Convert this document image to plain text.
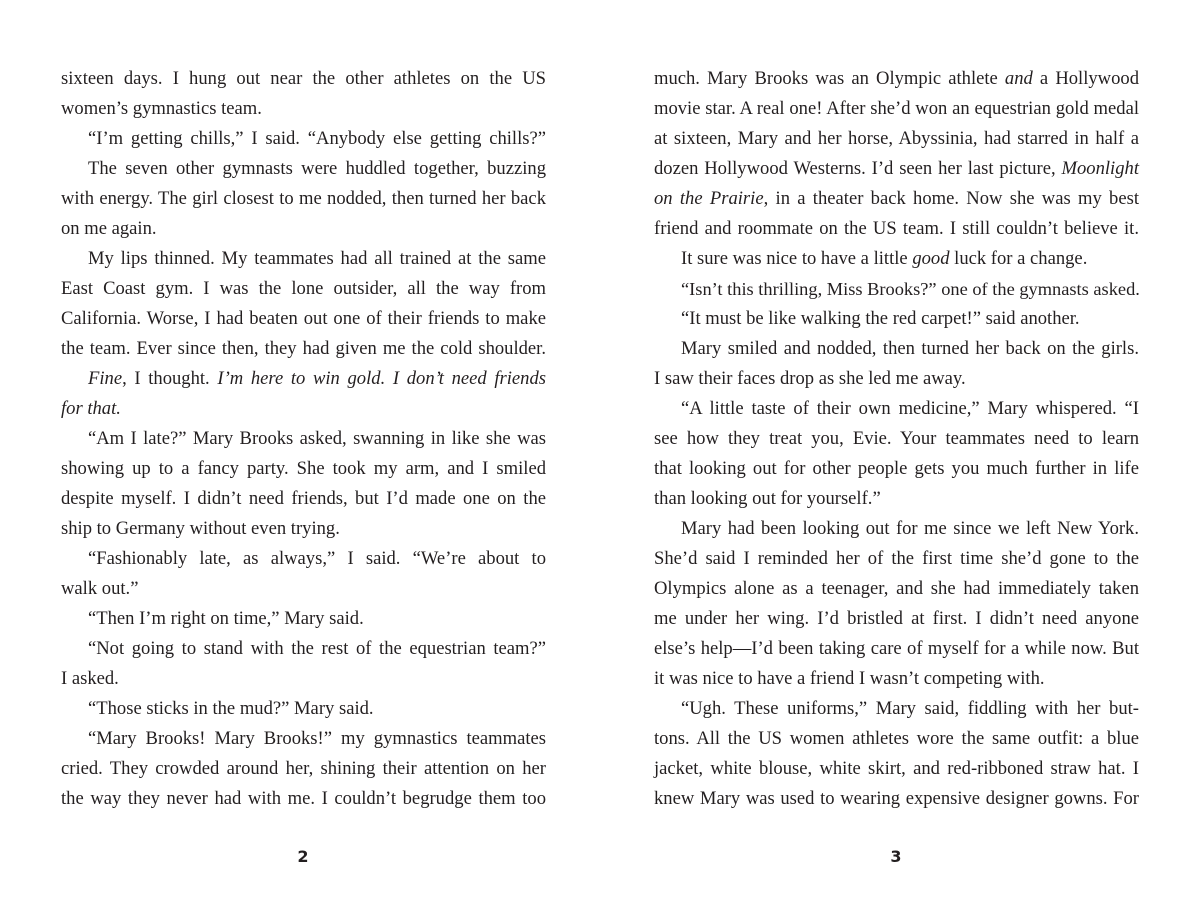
sixteen days. I hung out near the other athletes on the US
women’s gymnastics team.
“I’m getting chills,” I said. “Anybody else getting chills?”
The seven other gymnasts were huddled together, buzzing
with energy. The girl closest to me nodded, then turned her back
on me again.
My lips thinned. My teammates had all trained at the same
East Coast gym. I was the lone outsider, all the way from
California. Worse, I had beaten out one of their friends to make
the team. Ever since then, they had given me the cold shoulder.
Fine, I thought. I’m here to win gold. I don’t need friends
for that.
“Am I late?” Mary Brooks asked, swanning in like she was
showing up to a fancy party. She took my arm, and I smiled
despite myself. I didn’t need friends, but I’d made one on the
ship to Germany without even trying.
“Fashionably late, as always,” I said. “We’re about to
walk out.”
“Then I’m right on time,” Mary said.
“Not going to stand with the rest of the equestrian team?”
I asked.
“Those sticks in the mud?” Mary said.
“Mary Brooks! Mary Brooks!” my gymnastics teammates
cried. They crowded around her, shining their attention on her
the way they never had with me. I couldn’t begrudge them too
2
much. Mary Brooks was an Olympic athlete and a Hollywood
movie star. A real one! After she’d won an equestrian gold medal
at sixteen, Mary and her horse, Abyssinia, had starred in half a
dozen Hollywood Westerns. I’d seen her last picture, Moonlight
on the Prairie, in a theater back home. Now she was my best
friend and roommate on the US team. I still couldn’t believe it.
It sure was nice to have a little good luck for a change.
“Isn’t this thrilling, Miss Brooks?” one of the gymnasts asked.
“It must be like walking the red carpet!” said another.
Mary smiled and nodded, then turned her back on the girls.
I saw their faces drop as she led me away.
“A little taste of their own medicine,” Mary whispered. “I
see how they treat you, Evie. Your teammates need to learn
that looking out for other people gets you much further in life
than looking out for yourself.”
Mary had been looking out for me since we left New York.
She’d said I reminded her of the first time she’d gone to the
Olympics alone as a teenager, and she had immediately taken
me under her wing. I’d bristled at first. I didn’t need anyone
else’s help—I’d been taking care of myself for a while now. But
it was nice to have a friend I wasn’t competing with.
“Ugh. These uniforms,” Mary said, fiddling with her but-
tons. All the US women athletes wore the same outfit: a blue
jacket, white blouse, white skirt, and red-ribboned straw hat. I
knew Mary was used to wearing expensive designer gowns. For
3
